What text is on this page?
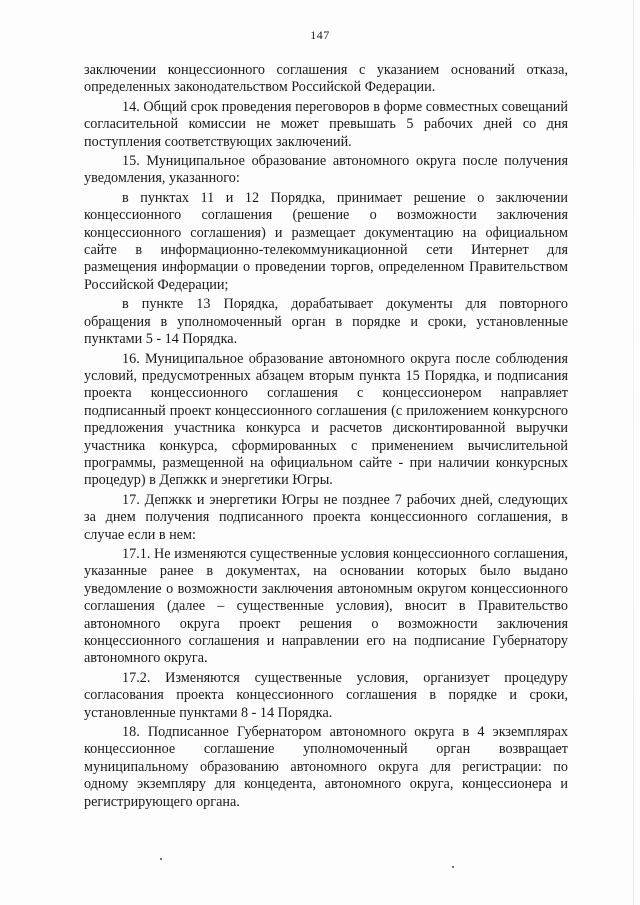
147

заключении концессионного соглашения с указанием оснований отказа, определенных законодательством Российской Федерации.

14. Общий срок проведения переговоров в форме совместных совещаний согласительной комиссии не может превышать 5 рабочих дней со дня поступления соответствующих заключений.

15. Муниципальное образование автономного округа после получения уведомления, указанного:

в пунктах 11 и 12 Порядка, принимает решение о заключении концессионного соглашения (решение о возможности заключения концессионного соглашения) и размещает документацию на официальном сайте в информационно-телекоммуникационной сети Интернет для размещения информации о проведении торгов, определенном Правительством Российской Федерации;

в пункте 13 Порядка, дорабатывает документы для повторного обращения в уполномоченный орган в порядке и сроки, установленные пунктами 5 - 14 Порядка.

16. Муниципальное образование автономного округа после соблюдения условий, предусмотренных абзацем вторым пункта 15 Порядка, и подписания проекта концессионного соглашения с концессионером направляет подписанный проект концессионного соглашения (с приложением конкурсного предложения участника конкурса и расчетов дисконтированной выручки участника конкурса, сформированных с применением вычислительной программы, размещенной на официальном сайте - при наличии конкурсных процедур) в Депжкк и энергетики Югры.

17. Депжкк и энергетики Югры не позднее 7 рабочих дней, следующих за днем получения подписанного проекта концессионного соглашения, в случае если в нем:

17.1. Не изменяются существенные условия концессионного соглашения, указанные ранее в документах, на основании которых было выдано уведомление о возможности заключения автономным округом концессионного соглашения (далее – существенные условия), вносит в Правительство автономного округа проект решения о возможности заключения концессионного соглашения и направлении его на подписание Губернатору автономного округа.

17.2. Изменяются существенные условия, организует процедуру согласования проекта концессионного соглашения в порядке и сроки, установленные пунктами 8 - 14 Порядка.

18. Подписанное Губернатором автономного округа в 4 экземплярах концессионное соглашение уполномоченный орган возвращает муниципальному образованию автономного округа для регистрации: по одному экземпляру для концедента, автономного округа, концессионера и регистрирующего органа.
